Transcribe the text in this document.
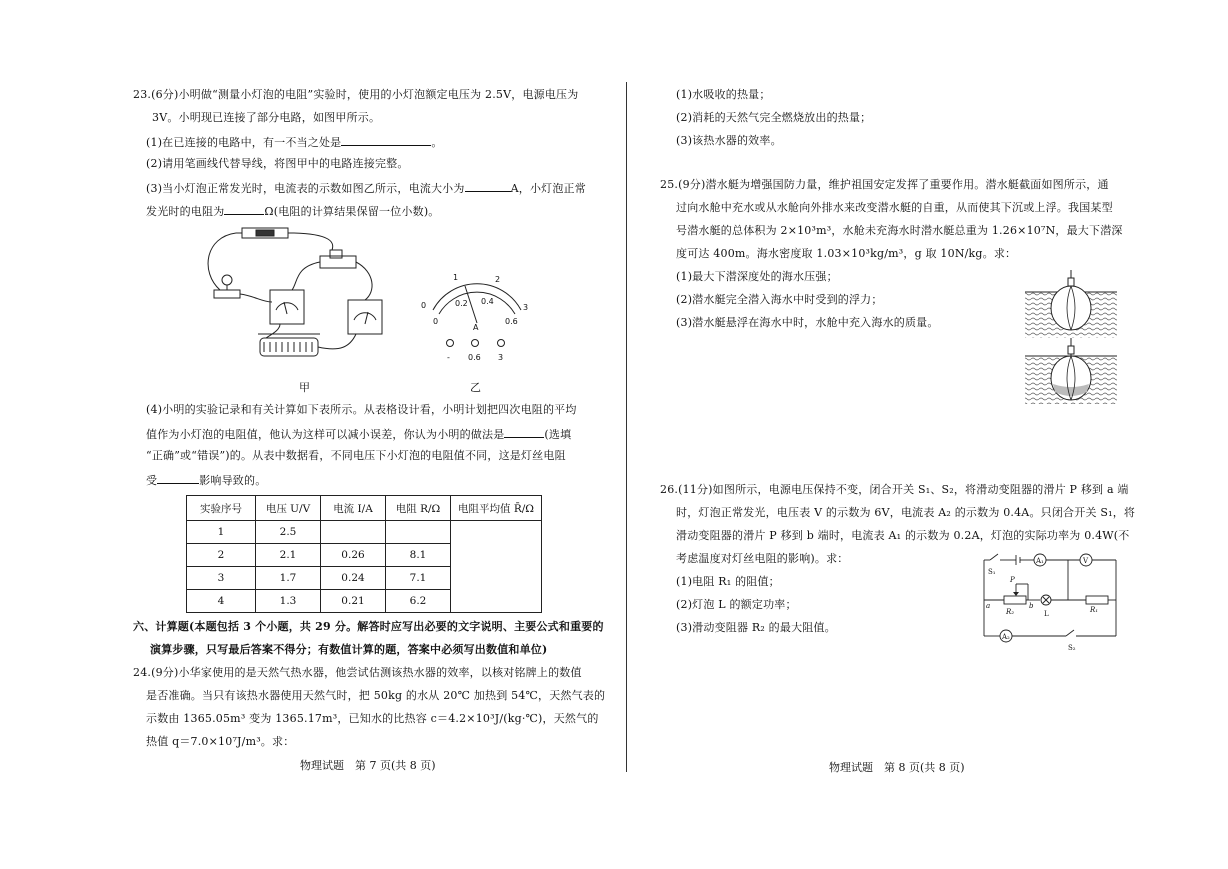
23.(6分)小明做“测量小灯泡的电阻”实验时，使用的小灯泡额定电压为 2.5V，电源电压为
3V。小明现已连接了部分电路，如图甲所示。
(1)在已连接的电路中，有一不当之处是	。
(2)请用笔画线代替导线，将图甲中的电路连接完整。
(3)当小灯泡正常发光时，电流表的示数如图乙所示，电流大小为	A，小灯泡正常
发光时的电阻为	Ω(电阻的计算结果保留一位小数)。
1	2
0	3
0
0.2 0.4
0.6
A
- 0.6 3
甲	乙
(4)小明的实验记录和有关计算如下表所示。从表格设计看，小明计划把四次电阻的平均
值作为小灯泡的电阻值，他认为这样可以减小误差，你认为小明的做法是	(选填
“正确”或“错误”)的。从表中数据看，不同电压下小灯泡的电阻值不同，这是灯丝电阻
受	影响导致的。
实验序号	电压 U/V	电流 I/A	电阻 R/Ω	电阻平均值 R̄/Ω
1	2.5			
2	2.1	0.26	8.1	
3	1.7	0.24	7.1	
4	1.3	0.21	6.2	
六、计算题(本题包括 3 个小题，共 29 分。解答时应写出必要的文字说明、主要公式和重要的
演算步骤，只写最后答案不得分；有数值计算的题，答案中必须写出数值和单位)
24.(9分)小华家使用的是天然气热水器，他尝试估测该热水器的效率，以核对铭牌上的数值
是否准确。当只有该热水器使用天然气时，把 50kg 的水从 20℃ 加热到 54℃，天然气表的
示数由 1365.05m³ 变为 1365.17m³，已知水的比热容 c＝4.2×10³J/(kg·℃)，天然气的
热值 q＝7.0×10⁷J/m³。求：
物理试题　第 7 页(共 8 页)
(1)水吸收的热量；
(2)消耗的天然气完全燃烧放出的热量；
(3)该热水器的效率。
25.(9分)潜水艇为增强国防力量，维护祖国安定发挥了重要作用。潜水艇截面如图所示，通
过向水舱中充水或从水舱向外排水来改变潜水艇的自重，从而使其下沉或上浮。我国某型
号潜水艇的总体积为 2×10³m³，水舱未充海水时潜水艇总重为 1.26×10⁷N，最大下潜深
度可达 400m。海水密度取 1.03×10³kg/m³，g 取 10N/kg。求：
(1)最大下潜深度处的海水压强；
(2)潜水艇完全潜入海水中时受到的浮力；
(3)潜水艇悬浮在海水中时，水舱中充入海水的质量。
26.(11分)如图所示，电源电压保持不变，闭合开关 S₁、S₂，将滑动变阻器的滑片 P 移到 a 端
时，灯泡正常发光，电压表 V 的示数为 6V，电流表 A₂ 的示数为 0.4A。只闭合开关 S₁，将
滑动变阻器的滑片 P 移到 b 端时，电流表 A₁ 的示数为 0.2A，灯泡的实际功率为 0.4W(不
考虑温度对灯丝电阻的影响)。求：
(1)电阻 R₁ 的阻值；
(2)灯泡 L 的额定功率；
(3)滑动变阻器 R₂ 的最大阻值。
S₁
A₁	V
P
a	b
R₂	L	R₁
A₂
S₂
物理试题　第 8 页(共 8 页)
